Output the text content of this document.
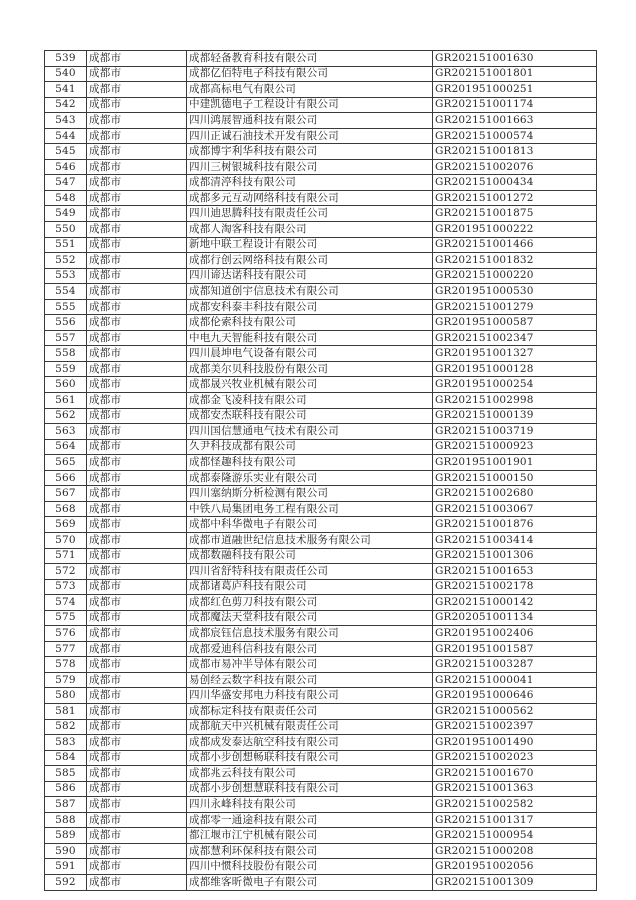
539	成都市	成都轻备教育科技有限公司	GR202151001630
540	成都市	成都亿佰特电子科技有限公司	GR202151001801
541	成都市	成都高标电气有限公司	GR201951000251
542	成都市	中建凯德电子工程设计有限公司	GR202151001174
543	成都市	四川鸿展智通科技有限公司	GR202151001663
544	成都市	四川正诚石油技术开发有限公司	GR202151000574
545	成都市	成都博宇利华科技有限公司	GR202151001813
546	成都市	四川三树银城科技有限公司	GR202151002076
547	成都市	成都清渟科技有限公司	GR202151000434
548	成都市	成都多元互动网络科技有限公司	GR202151001272
549	成都市	四川迪思腾科技有限责任公司	GR202151001875
550	成都市	成都人淘客科技有限公司	GR201951000222
551	成都市	新地中联工程设计有限公司	GR202151001466
552	成都市	成都行创云网络科技有限公司	GR202151001832
553	成都市	四川谛达诺科技有限公司	GR202151000220
554	成都市	成都知道创宇信息技术有限公司	GR201951000530
555	成都市	成都安科泰丰科技有限公司	GR202151001279
556	成都市	成都伦索科技有限公司	GR201951000587
557	成都市	中电九天智能科技有限公司	GR202151002347
558	成都市	四川晨坤电气设备有限公司	GR201951001327
559	成都市	成都美尔贝科技股份有限公司	GR201951000128
560	成都市	成都晟兴牧业机械有限公司	GR201951000254
561	成都市	成都金飞凌科技有限公司	GR202151002998
562	成都市	成都安杰联科技有限公司	GR202151000139
563	成都市	四川国信慧通电气技术有限公司	GR202151003719
564	成都市	久尹科技成都有限公司	GR202151000923
565	成都市	成都怪趣科技有限公司	GR201951001901
566	成都市	成都泰隆游乐实业有限公司	GR202151000150
567	成都市	四川塞纳斯分析检测有限公司	GR202151002680
568	成都市	中铁八局集团电务工程有限公司	GR202151003067
569	成都市	成都中科华微电子有限公司	GR202151001876
570	成都市	成都市道融世纪信息技术服务有限公司	GR202151003414
571	成都市	成都数融科技有限公司	GR202151001306
572	成都市	四川省舒特科技有限责任公司	GR202151001653
573	成都市	成都诸葛庐科技有限公司	GR202151002178
574	成都市	成都红色剪刀科技有限公司	GR202151000142
575	成都市	成都魔法天堂科技有限公司	GR202051001134
576	成都市	成都宸钰信息技术服务有限公司	GR201951002406
577	成都市	成都爱迪科信科技有限公司	GR201951001587
578	成都市	成都市易冲半导体有限公司	GR202151003287
579	成都市	易创经云数字科技有限公司	GR202151000041
580	成都市	四川华盛安邦电力科技有限公司	GR201951000646
581	成都市	成都标定科技有限责任公司	GR202151000562
582	成都市	成都航天中兴机械有限责任公司	GR202151002397
583	成都市	成都成发泰达航空科技有限公司	GR201951001490
584	成都市	成都小步创想畅联科技有限公司	GR202151002023
585	成都市	成都兆云科技有限公司	GR202151001670
586	成都市	成都小步创想慧联科技有限公司	GR202151001363
587	成都市	四川永峰科技有限公司	GR202151002582
588	成都市	成都零一通途科技有限公司	GR202151001317
589	成都市	都江堰市江宁机械有限公司	GR202151000954
590	成都市	成都慧利环保科技有限公司	GR202151000208
591	成都市	四川中惯科技股份有限公司	GR201951002056
592	成都市	成都维客昕微电子有限公司	GR202151001309
